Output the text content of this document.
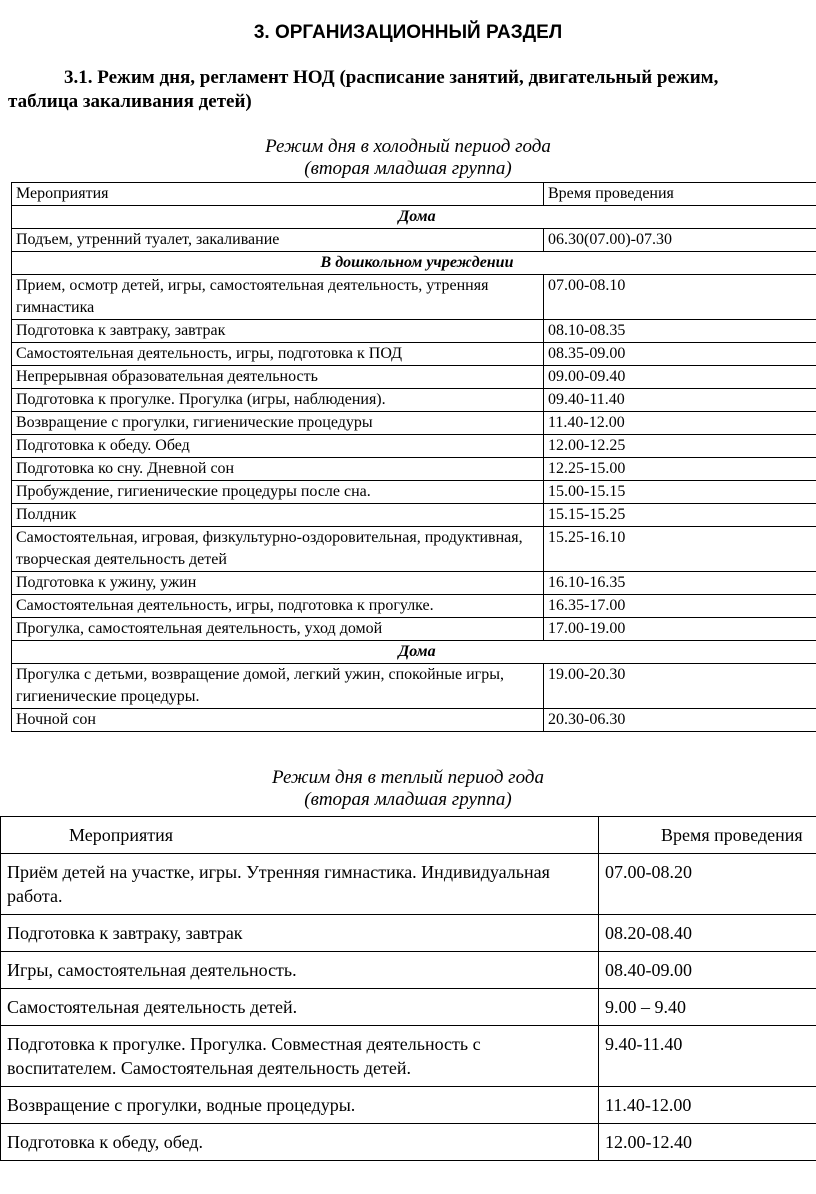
3. ОРГАНИЗАЦИОННЫЙ РАЗДЕЛ
3.1. Режим дня, регламент НОД (расписание занятий, двигательный режим,
таблица закаливания детей)
Режим дня в холодный период года
(вторая младшая группа)
Мероприятия	Время проведения
Дома	
Подъем, утренний туалет, закаливание	06.30(07.00)-07.30
В дошкольном учреждении	
Прием, осмотр детей, игры, самостоятельная деятельность, утренняя гимнастика	07.00-08.10
Подготовка к завтраку, завтрак	08.10-08.35
Самостоятельная деятельность, игры, подготовка к ПОД	08.35-09.00
Непрерывная образовательная деятельность	09.00-09.40
Подготовка к прогулке. Прогулка (игры, наблюдения).	09.40-11.40
Возвращение с прогулки, гигиенические процедуры	11.40-12.00
Подготовка к обеду. Обед	12.00-12.25
Подготовка ко сну. Дневной сон	12.25-15.00
Пробуждение, гигиенические процедуры после сна.	15.00-15.15
Полдник	15.15-15.25
Самостоятельная, игровая, физкультурно-оздоровительная, продуктивная, творческая деятельность детей	15.25-16.10
Подготовка к ужину, ужин	16.10-16.35
Самостоятельная деятельность, игры, подготовка к прогулке.	16.35-17.00
Прогулка, самостоятельная деятельность, уход домой	17.00-19.00
Дома	
Прогулка с детьми, возвращение домой, легкий ужин, спокойные игры, гигиенические процедуры.	19.00-20.30
Ночной сон	20.30-06.30
Режим дня в теплый период года
(вторая младшая группа)
Мероприятия	Время проведения
Приём детей на участке, игры. Утренняя гимнастика. Индивидуальная работа.	07.00-08.20
Подготовка к завтраку, завтрак	08.20-08.40
Игры, самостоятельная деятельность.	08.40-09.00
Самостоятельная деятельность детей.	9.00 – 9.40
Подготовка к прогулке. Прогулка. Совместная деятельность с воспитателем. Самостоятельная деятельность детей.	9.40-11.40
Возвращение с прогулки, водные процедуры.	11.40-12.00
Подготовка к обеду, обед.	12.00-12.40
